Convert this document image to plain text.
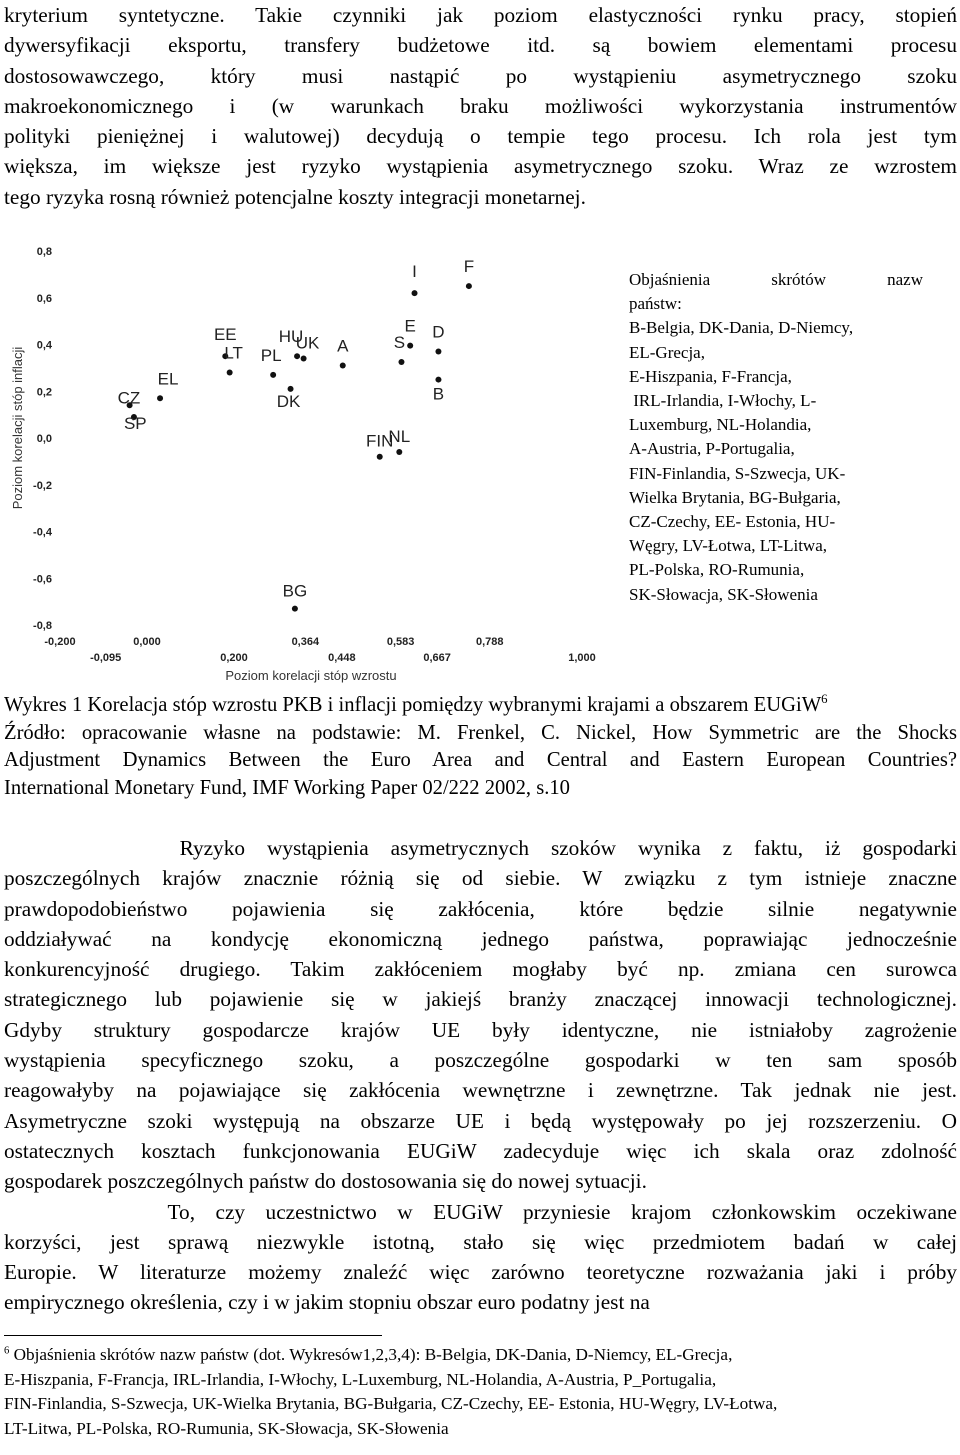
kryterium syntetyczne. Takie czynniki jak poziom elastyczności rynku pracy, stopień
dywersyfikacji eksportu, transfery budżetowe itd. są bowiem elementami procesu
dostosowawczego, który musi nastąpić po wystąpieniu asymetrycznego szoku
makroekonomicznego i (w warunkach braku możliwości wykorzystania instrumentów
polityki pieniężnej i walutowej) decydują o tempie tego procesu. Ich rola jest tym
większa, im większe jest ryzyko wystąpienia asymetrycznego szoku. Wraz ze wzrostem
tego ryzyka rosną również potencjalne koszty integracji monetarnej.
0,8
0,6
0,4
0,2
0,0
-0,2
-0,4
-0,6
-0,8
-0,200	0,000	0,364	0,583	0,788
-0,095	0,200	0,448	0,667	1,000
Poziom korelacji stóp wzrostu
Poziom korelacji stóp inflacji	CZ
SP
EL
EE
LT PL
DK
HU
UK A
FIN
NL
S
E
I
D
B
F
BG
Objaśnienia	skrótów	nazw
państw:
B-Belgia, DK-Dania, D-Niemcy,
EL-Grecja,
E-Hiszpania, F-Francja,
IRL-Irlandia, I-Włochy, L-
Luxemburg, NL-Holandia,
A-Austria, P-Portugalia,
FIN-Finlandia, S-Szwecja, UK-
Wielka Brytania, BG-Bułgaria,
CZ-Czechy, EE- Estonia, HU-
Węgry, LV-Łotwa, LT-Litwa,
PL-Polska, RO-Rumunia,
SK-Słowacja, SK-Słowenia
Wykres 1 Korelacja stóp wzrostu PKB i inflacji pomiędzy wybranymi krajami a obszarem EUGiW$^6$
Źródło: opracowanie własne na podstawie: M. Frenkel, C. Nickel, How Symmetric are the Shocks
Adjustment Dynamics Between the Euro Area and Central and Eastern European Countries?
International Monetary Fund, IMF Working Paper 02/222 2002, s.10
Ryzyko wystąpienia asymetrycznych szoków wynika z faktu, iż gospodarki
poszczególnych krajów znacznie różnią się od siebie. W związku z tym istnieje znaczne
prawdopodobieństwo pojawienia się zakłócenia, które będzie silnie negatywnie
oddziaływać na kondycję ekonomiczną jednego państwa, poprawiając jednocześnie
konkurencyjność drugiego. Takim zakłóceniem mogłaby być np. zmiana cen surowca
strategicznego lub pojawienie się w jakiejś branży znaczącej innowacji technologicznej.
Gdyby struktury gospodarcze krajów UE były identyczne, nie istniałoby zagrożenie
wystąpienia specyficznego szoku, a poszczególne gospodarki w ten sam sposób
reagowałyby na pojawiające się zakłócenia wewnętrzne i zewnętrzne. Tak jednak nie jest.
Asymetryczne szoki występują na obszarze UE i będą występowały po jej rozszerzeniu. O
ostatecznych kosztach funkcjonowania EUGiW zadecyduje więc ich skala oraz zdolność
gospodarek poszczególnych państw do dostosowania się do nowej sytuacji.
To, czy uczestnictwo w EUGiW przyniesie krajom członkowskim oczekiwane
korzyści, jest sprawą niezwykle istotną, stało się więc przedmiotem badań w całej
Europie. W literaturze możemy znaleźć więc zarówno teoretyczne rozważania jaki i próby
empirycznego określenia, czy i w jakim stopniu obszar euro podatny jest na
$^6$ Objaśnienia skrótów nazw państw (dot. Wykresów1,2,3,4): B-Belgia, DK-Dania, D-Niemcy, EL-Grecja,
E-Hiszpania, F-Francja, IRL-Irlandia, I-Włochy, L-Luxemburg, NL-Holandia, A-Austria, P_Portugalia,
FIN-Finlandia, S-Szwecja, UK-Wielka Brytania, BG-Bułgaria, CZ-Czechy, EE- Estonia, HU-Węgry, LV-Łotwa,
LT-Litwa, PL-Polska, RO-Rumunia, SK-Słowacja, SK-Słowenia
